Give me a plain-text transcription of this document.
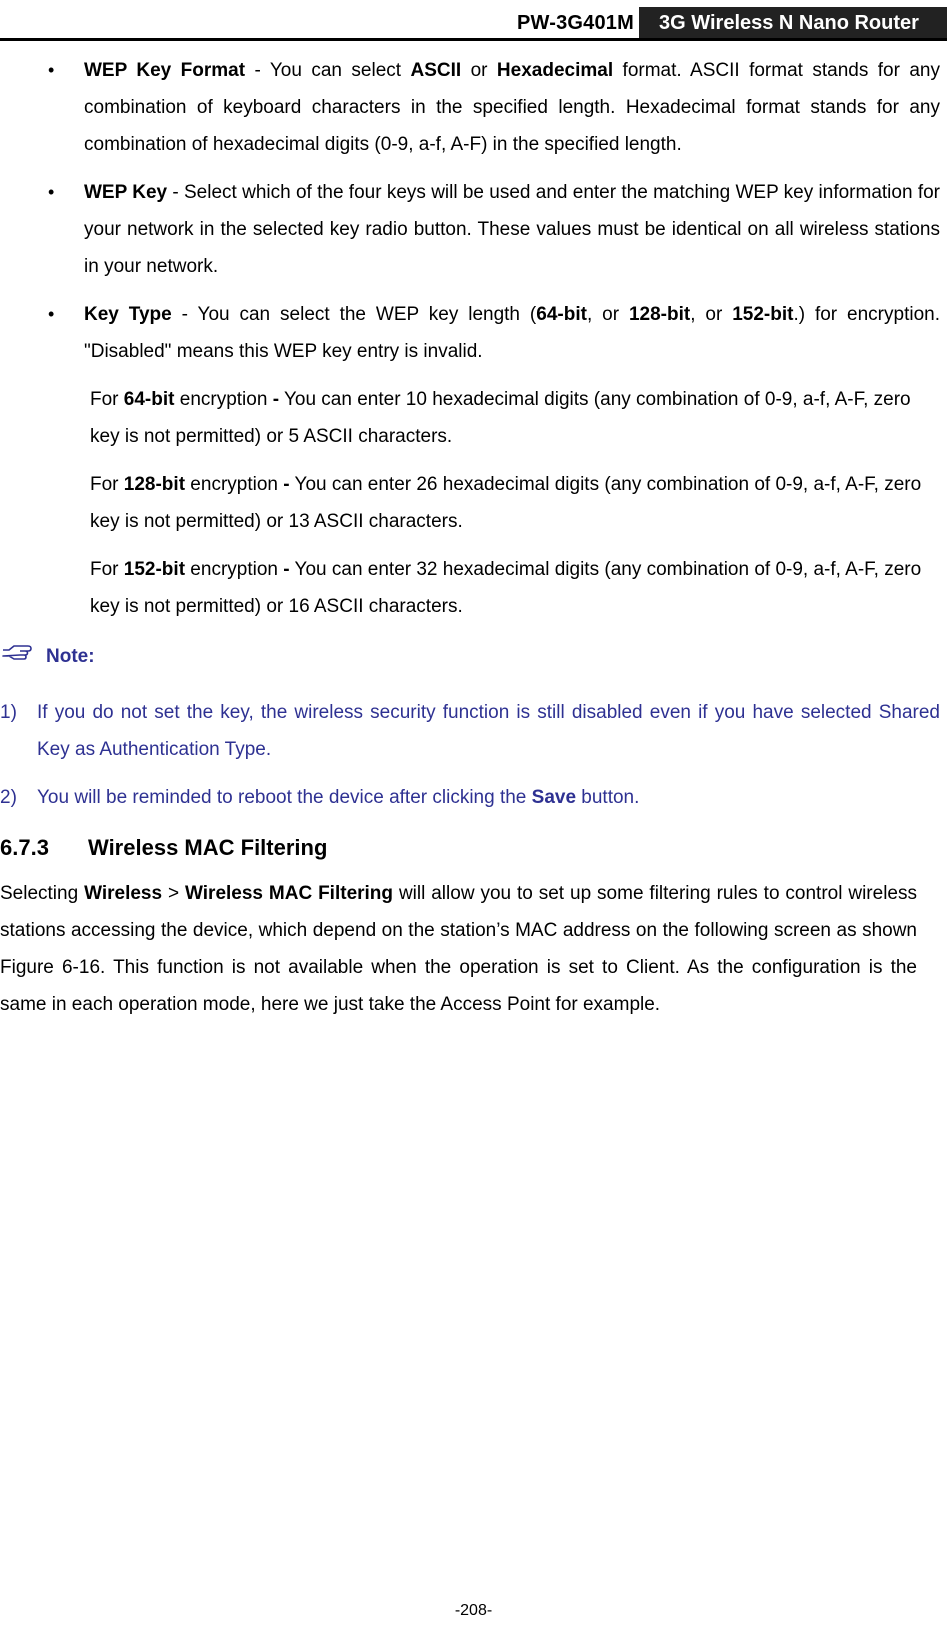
PW-3G401M	3G Wireless N Nano Router
• WEP Key Format - You can select ASCII or Hexadecimal format. ASCII format stands for any combination of keyboard characters in the specified length. Hexadecimal format stands for any combination of hexadecimal digits (0-9, a-f, A-F) in the specified length.
• WEP Key - Select which of the four keys will be used and enter the matching WEP key information for your network in the selected key radio button. These values must be identical on all wireless stations in your network.
• Key Type - You can select the WEP key length (64-bit, or 128-bit, or 152-bit.) for encryption. "Disabled" means this WEP key entry is invalid.
For 64-bit encryption - You can enter 10 hexadecimal digits (any combination of 0-9, a-f, A-F, zero key is not permitted) or 5 ASCII characters.
For 128-bit encryption - You can enter 26 hexadecimal digits (any combination of 0-9, a-f, A-F, zero key is not permitted) or 13 ASCII characters.
For 152-bit encryption - You can enter 32 hexadecimal digits (any combination of 0-9, a-f, A-F, zero key is not permitted) or 16 ASCII characters.
Note:
1) If you do not set the key, the wireless security function is still disabled even if you have selected Shared Key as Authentication Type.
2) You will be reminded to reboot the device after clicking the Save button.
6.7.3 Wireless MAC Filtering
Selecting Wireless > Wireless MAC Filtering will allow you to set up some filtering rules to control wireless stations accessing the device, which depend on the station’s MAC address on the following screen as shown Figure 6-16. This function is not available when the operation is set to Client. As the configuration is the same in each operation mode, here we just take the Access Point for example.
-208-
